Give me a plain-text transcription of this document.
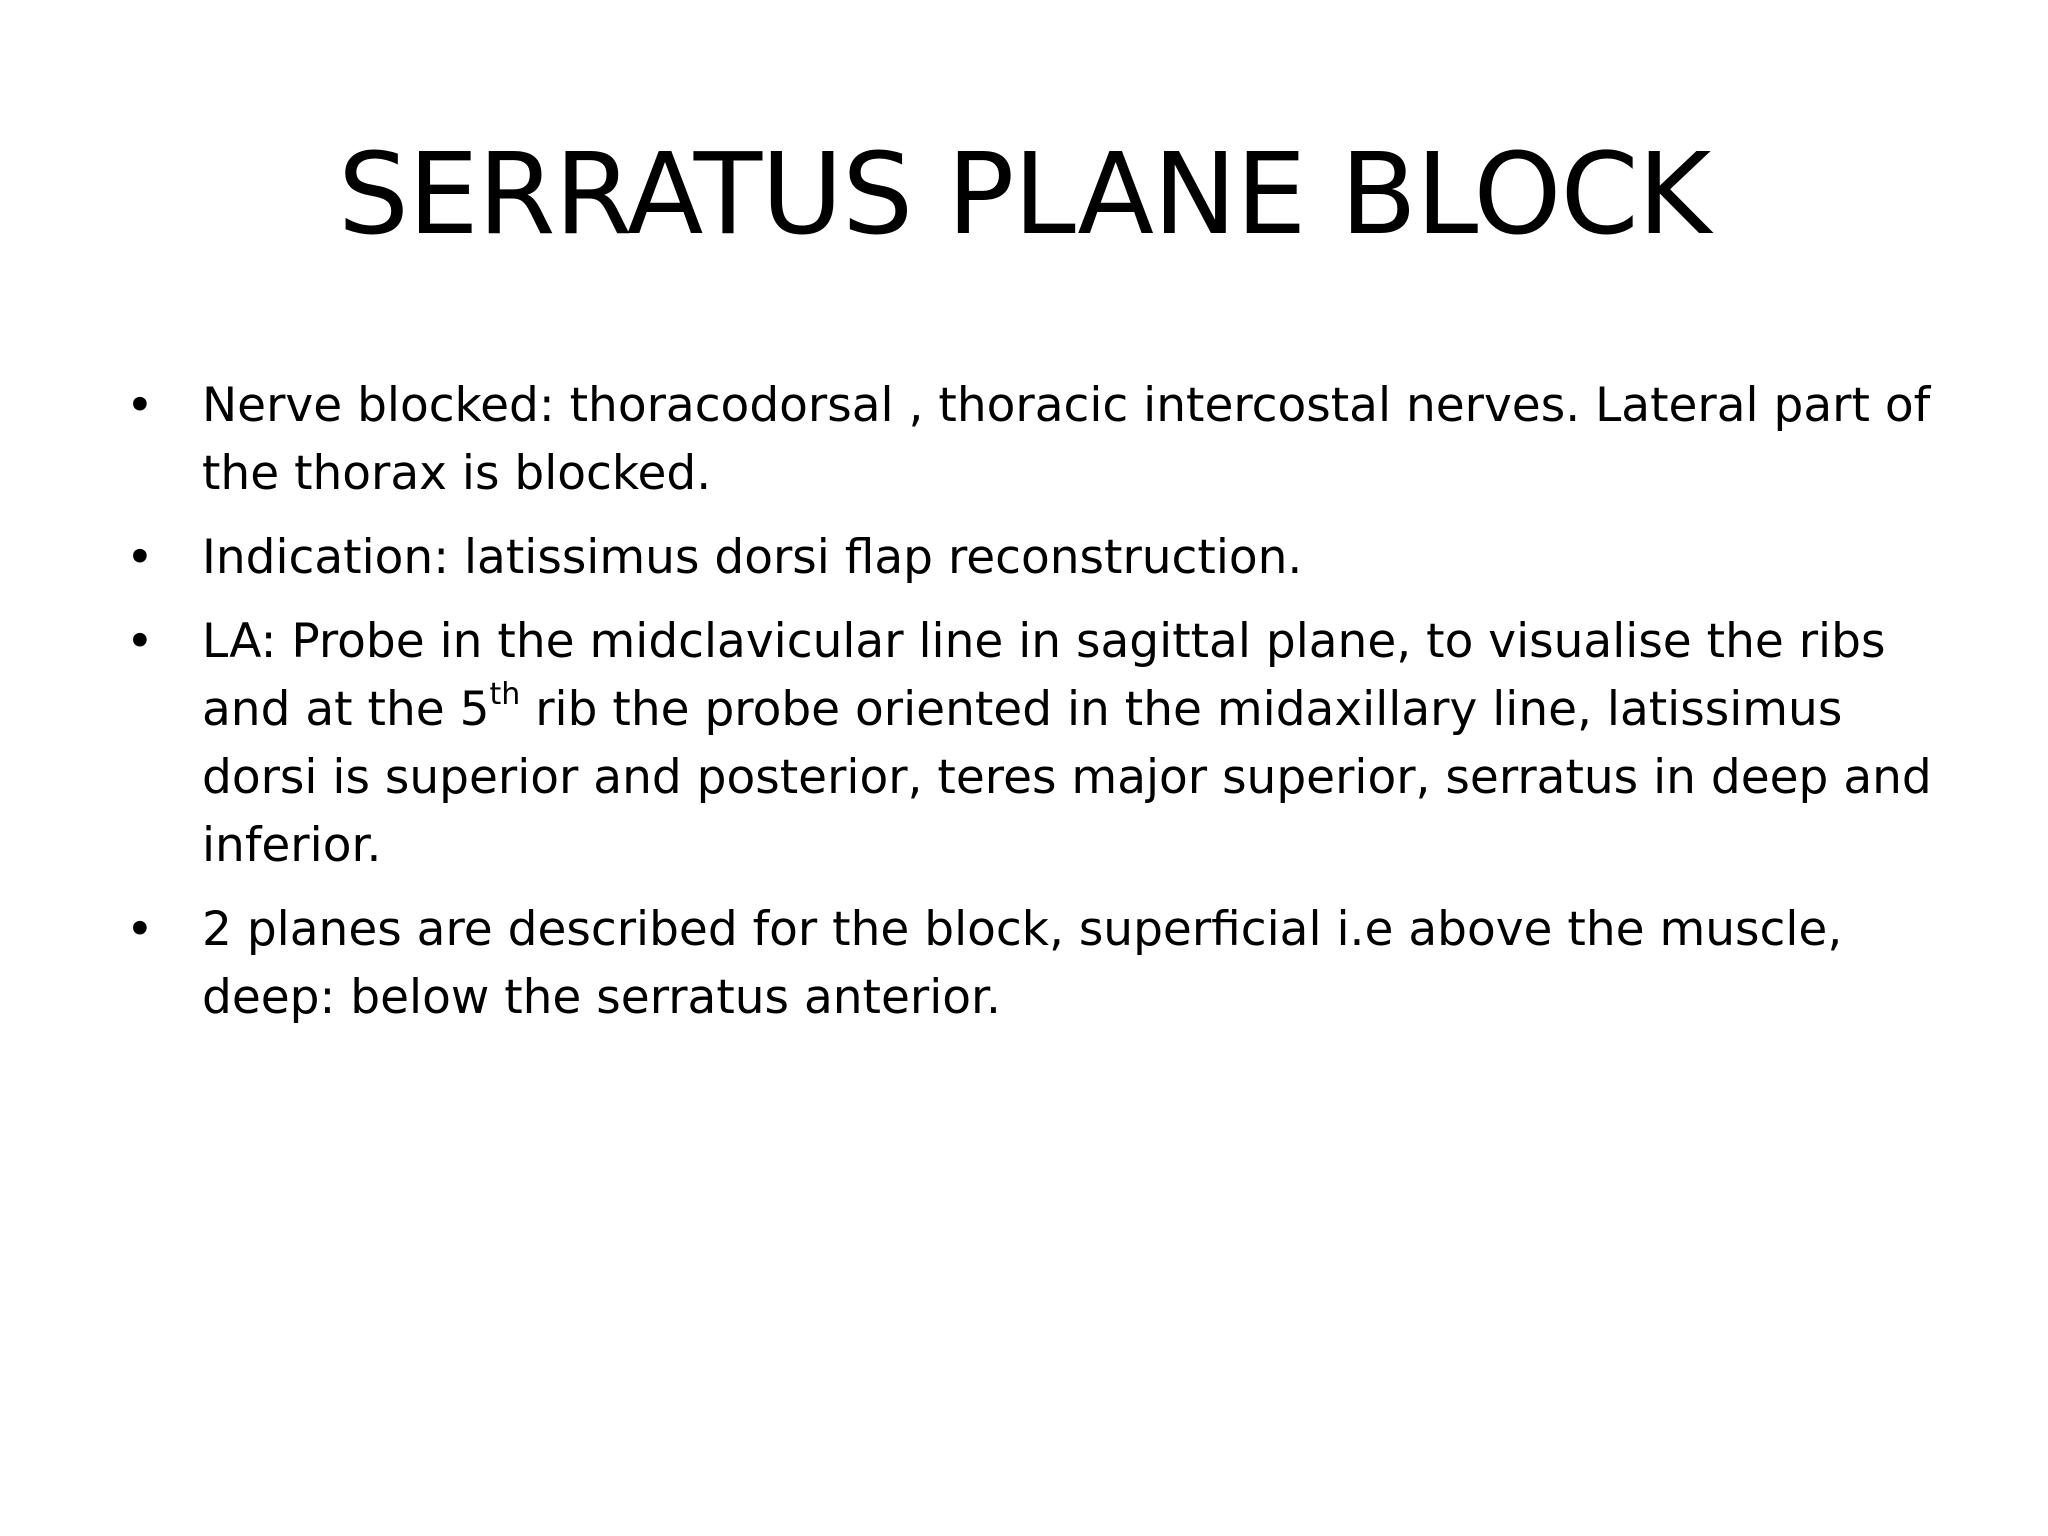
SERRATUS PLANE BLOCK
• Nerve blocked: thoracodorsal , thoracic intercostal nerves. Lateral part of the thorax is blocked.
• Indication: latissimus dorsi flap reconstruction.
• LA: Probe in the midclavicular line in sagittal plane, to visualise the ribs and at the 5th rib the probe oriented in the midaxillary line, latissimus dorsi is superior and posterior, teres major superior, serratus in deep and inferior.
• 2 planes are described for the block, superficial i.e above the muscle, deep: below the serratus anterior.
